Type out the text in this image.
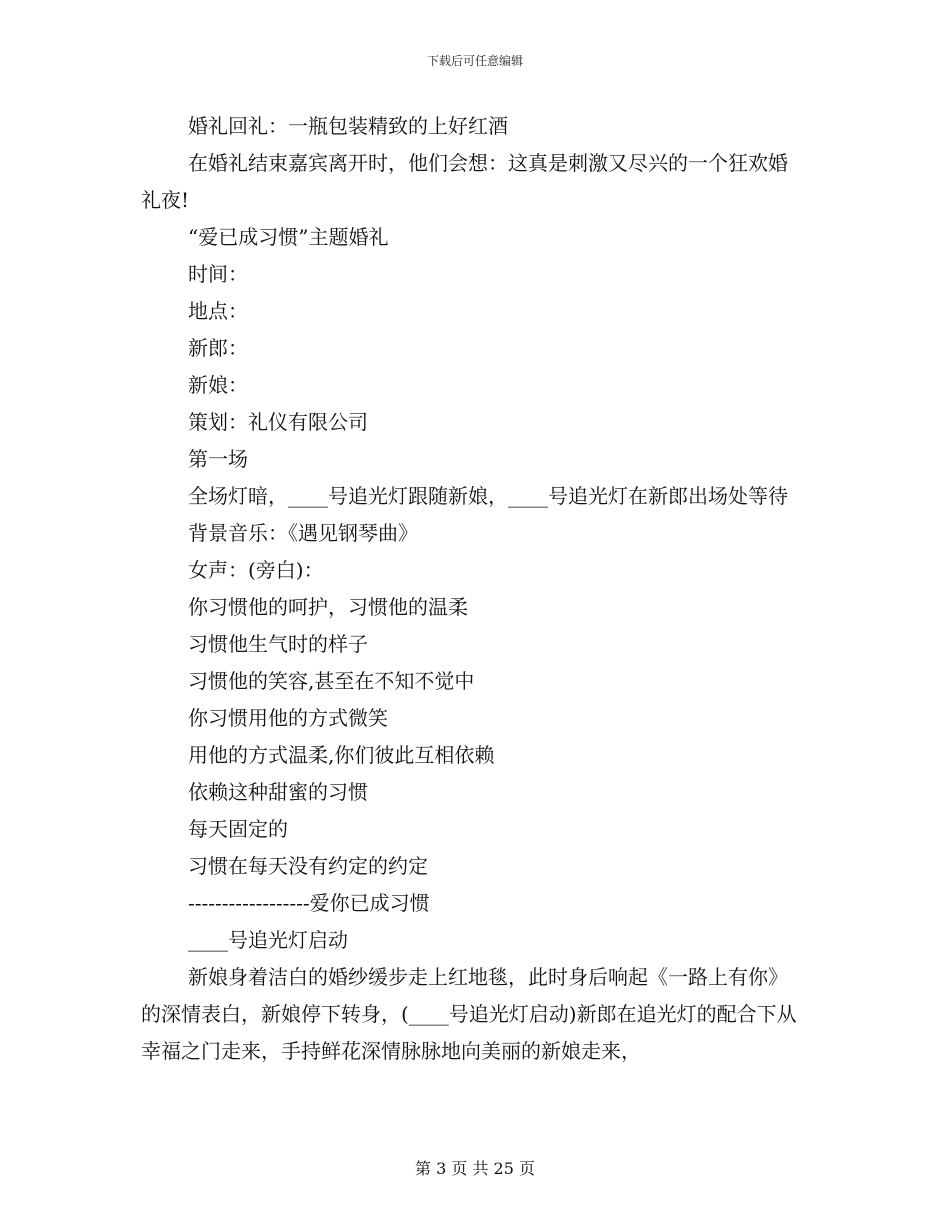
下载后可任意编辑

婚礼回礼：一瓶包装精致的上好红酒

在婚礼结束嘉宾离开时，他们会想：这真是刺激又尽兴的一个狂欢婚礼夜!

“爱已成习惯”主题婚礼

时间：

地点：

新郎：

新娘：

策划：礼仪有限公司

第一场

全场灯暗，____号追光灯跟随新娘，____号追光灯在新郎出场处等待

背景音乐：《遇见钢琴曲》

女声：(旁白)：

你习惯他的呵护，习惯他的温柔

习惯他生气时的样子

习惯他的笑容,甚至在不知不觉中

你习惯用他的方式微笑

用他的方式温柔,你们彼此互相依赖

依赖这种甜蜜的习惯

每天固定的

习惯在每天没有约定的约定

------------------爱你已成习惯

____号追光灯启动

新娘身着洁白的婚纱缓步走上红地毯，此时身后响起《一路上有你》的深情表白，新娘停下转身，(____号追光灯启动)新郎在追光灯的配合下从幸福之门走来，手持鲜花深情脉脉地向美丽的新娘走来，

第 3 页 共 25 页
